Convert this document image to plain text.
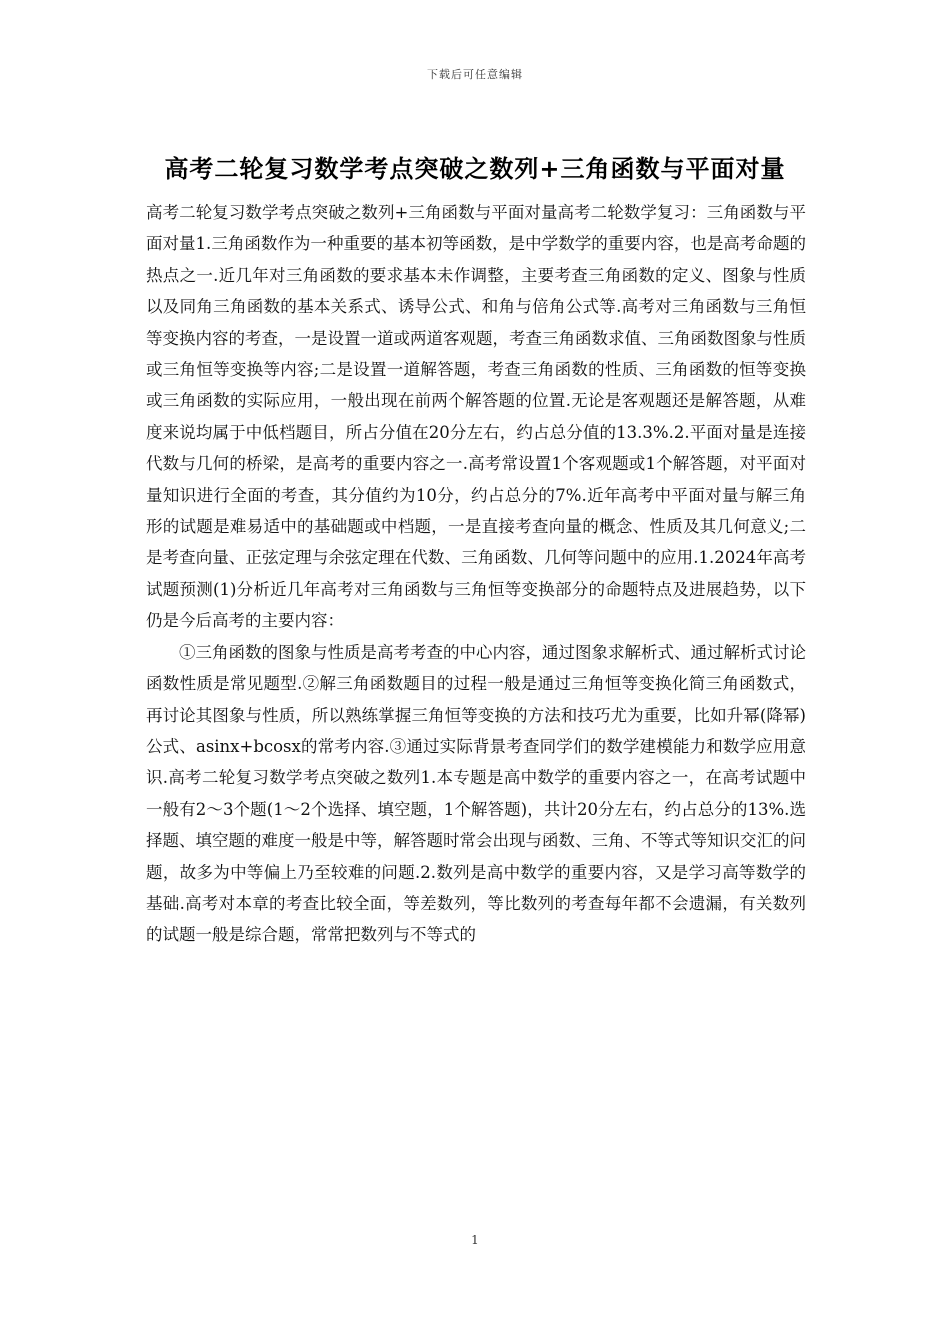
下载后可任意编辑
高考二轮复习数学考点突破之数列+三角函数与平面对量

高考二轮复习数学考点突破之数列+三角函数与平面对量高考二轮数学复习：三角函数与平面对量1.三角函数作为一种重要的基本初等函数，是中学数学的重要内容，也是高考命题的热点之一.近几年对三角函数的要求基本未作调整，主要考查三角函数的定义、图象与性质以及同角三角函数的基本关系式、诱导公式、和角与倍角公式等.高考对三角函数与三角恒等变换内容的考查，一是设置一道或两道客观题，考查三角函数求值、三角函数图象与性质或三角恒等变换等内容;二是设置一道解答题，考查三角函数的性质、三角函数的恒等变换或三角函数的实际应用，一般出现在前两个解答题的位置.无论是客观题还是解答题，从难度来说均属于中低档题目，所占分值在20分左右，约占总分值的13.3%.2.平面对量是连接代数与几何的桥梁，是高考的重要内容之一.高考常设置1个客观题或1个解答题，对平面对量知识进行全面的考查，其分值约为10分，约占总分的7%.近年高考中平面对量与解三角形的试题是难易适中的基础题或中档题，一是直接考查向量的概念、性质及其几何意义;二是考查向量、正弦定理与余弦定理在代数、三角函数、几何等问题中的应用.1.2024年高考试题预测(1)分析近几年高考对三角函数与三角恒等变换部分的命题特点及进展趋势，以下仍是今后高考的主要内容：

①三角函数的图象与性质是高考考查的中心内容，通过图象求解析式、通过解析式讨论函数性质是常见题型.②解三角函数题目的过程一般是通过三角恒等变换化简三角函数式，再讨论其图象与性质，所以熟练掌握三角恒等变换的方法和技巧尤为重要，比如升幂(降幂)公式、asinx+bcosx的常考内容.③通过实际背景考查同学们的数学建模能力和数学应用意识.高考二轮复习数学考点突破之数列1.本专题是高中数学的重要内容之一，在高考试题中一般有2～3个题(1～2个选择、填空题，1个解答题)，共计20分左右，约占总分的13%.选择题、填空题的难度一般是中等，解答题时常会出现与函数、三角、不等式等知识交汇的问题，故多为中等偏上乃至较难的问题.2.数列是高中数学的重要内容，又是学习高等数学的基础.高考对本章的考查比较全面，等差数列，等比数列的考查每年都不会遗漏，有关数列的试题一般是综合题，常常把数列与不等式的

1
